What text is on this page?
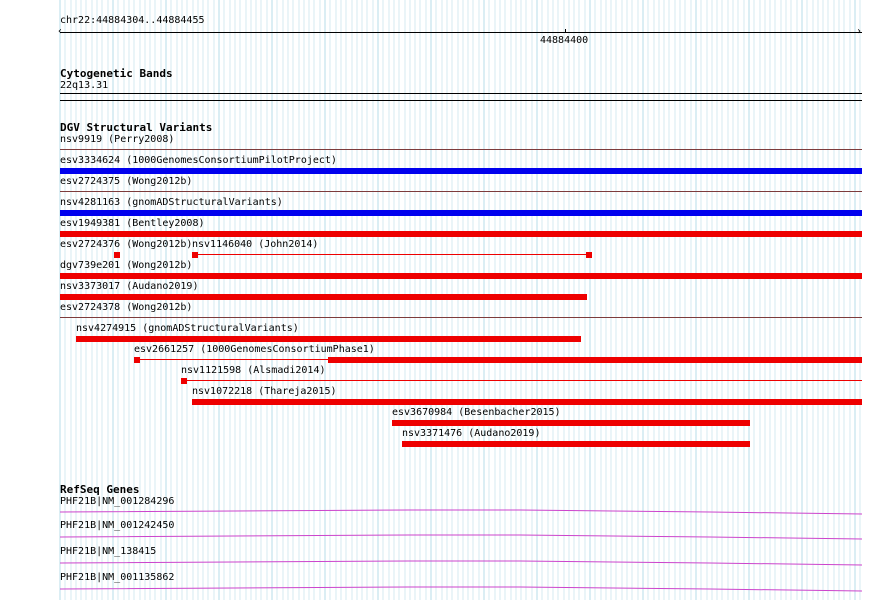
chr22:44884304..44884455
‹	›
44884400
Cytogenetic Bands
22q13.31
DGV Structural Variants
nsv9919 (Perry2008)
esv3334624 (1000GenomesConsortiumPilotProject)
esv2724375 (Wong2012b)
nsv4281163 (gnomADStructuralVariants)
esv1949381 (Bentley2008)
esv2724376 (Wong2012b) nsv1146040 (John2014)
dgv739e201 (Wong2012b)
nsv3373017 (Audano2019)
esv2724378 (Wong2012b)
nsv4274915 (gnomADStructuralVariants)
esv2661257 (1000GenomesConsortiumPhase1)
nsv1121598 (Alsmadi2014)
nsv1072218 (Thareja2015)
esv3670984 (Besenbacher2015)
nsv3371476 (Audano2019)
RefSeq Genes
PHF21B|NM_001284296
PHF21B|NM_001242450
PHF21B|NM_138415
PHF21B|NM_001135862
